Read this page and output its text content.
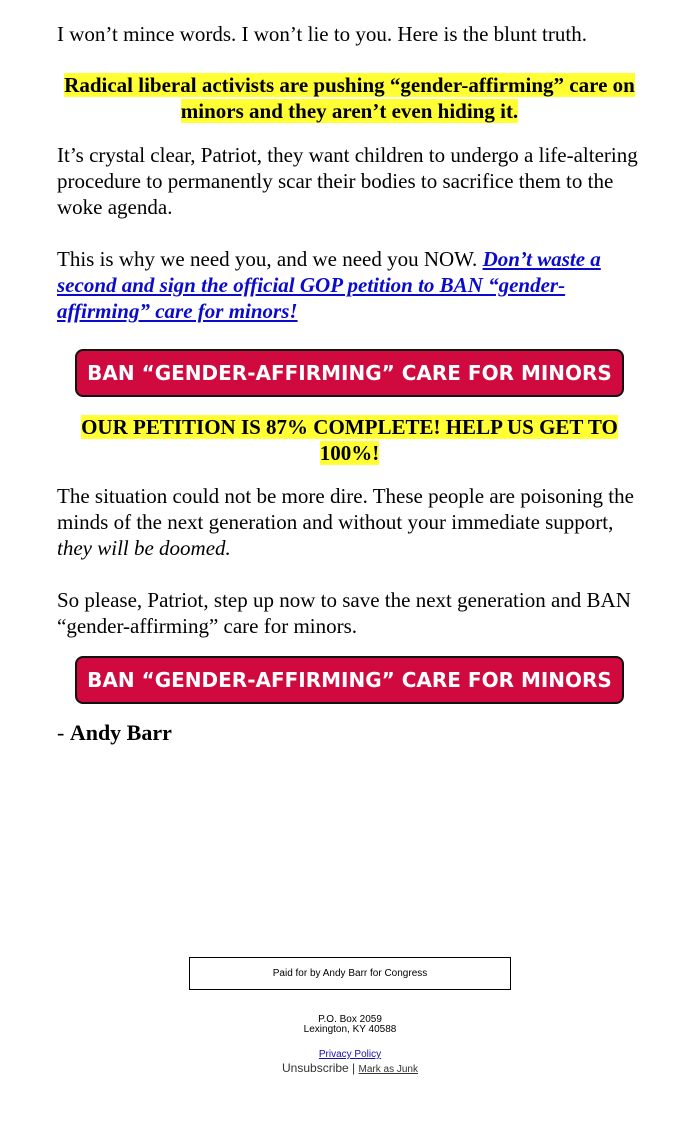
I won’t mince words. I won’t lie to you. Here is the blunt truth.

Radical liberal activists are pushing “gender-affirming” care on minors and they aren’t even hiding it.

It’s crystal clear, Patriot, they want children to undergo a life-altering procedure to permanently scar their bodies to sacrifice them to the woke agenda.

This is why we need you, and we need you NOW. Don’t waste a second and sign the official GOP petition to BAN “gender-affirming” care for minors!

BAN “GENDER-AFFIRMING” CARE FOR MINORS

OUR PETITION IS 87% COMPLETE! HELP US GET TO 100%!

The situation could not be more dire. These people are poisoning the minds of the next generation and without your immediate support, they will be doomed.

So please, Patriot, step up now to save the next generation and BAN “gender-affirming” care for minors.

BAN “GENDER-AFFIRMING” CARE FOR MINORS

- Andy Barr

Paid for by Andy Barr for Congress
P.O. Box 2059
Lexington, KY 40588
Privacy Policy
Unsubscribe | Mark as Junk
